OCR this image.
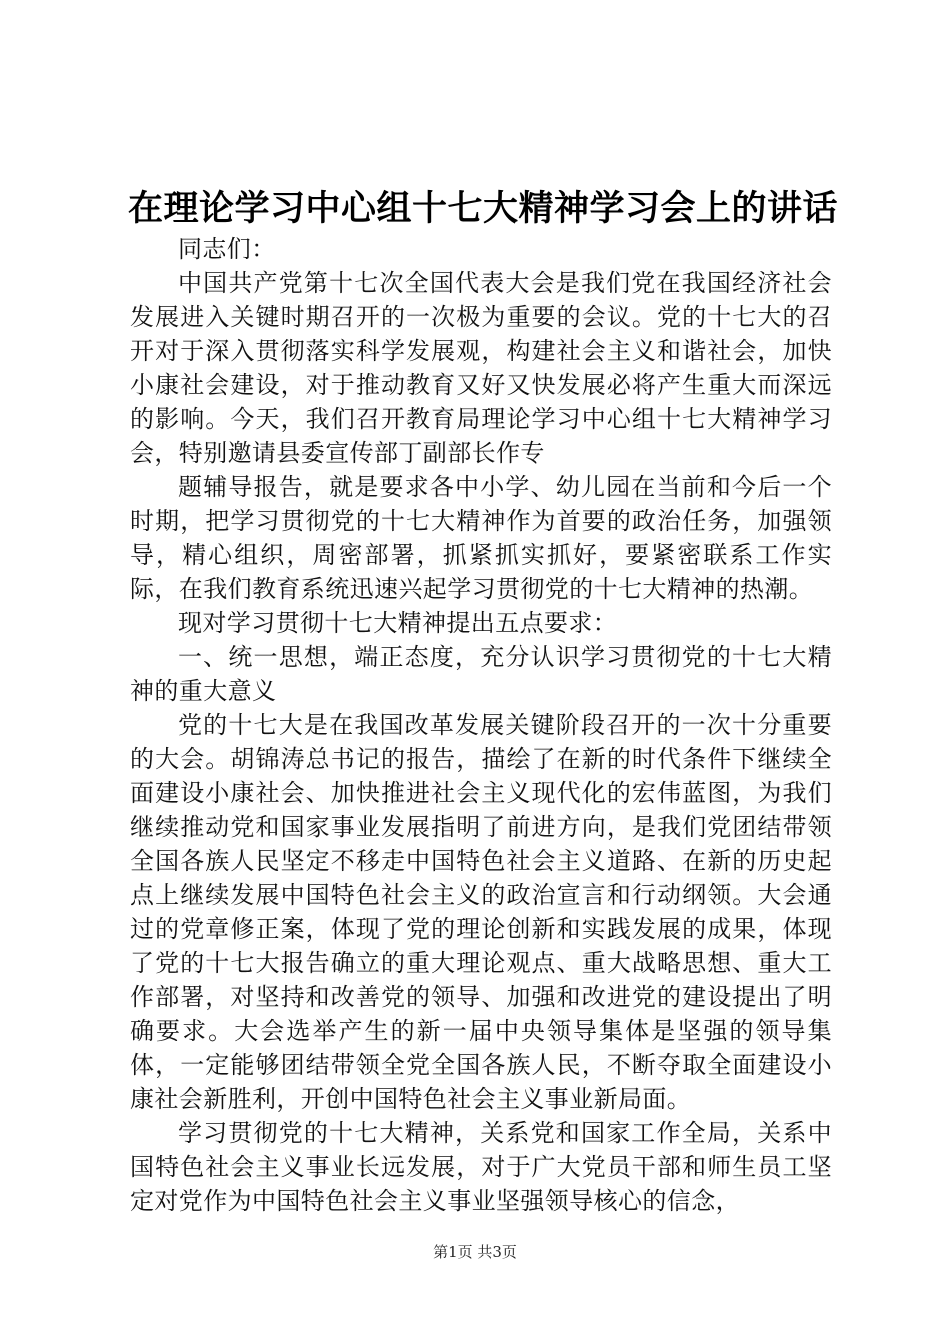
在理论学习中心组十七大精神学习会上的讲话

同志们：

中国共产党第十七次全国代表大会是我们党在我国经济社会发展进入关键时期召开的一次极为重要的会议。党的十七大的召开对于深入贯彻落实科学发展观，构建社会主义和谐社会，加快小康社会建设，对于推动教育又好又快发展必将产生重大而深远的影响。今天，我们召开教育局理论学习中心组十七大精神学习会，特别邀请县委宣传部丁副部长作专

题辅导报告，就是要求各中小学、幼儿园在当前和今后一个时期，把学习贯彻党的十七大精神作为首要的政治任务，加强领导，精心组织，周密部署，抓紧抓实抓好，要紧密联系工作实际，在我们教育系统迅速兴起学习贯彻党的十七大精神的热潮。

现对学习贯彻十七大精神提出五点要求：

一、统一思想，端正态度，充分认识学习贯彻党的十七大精神的重大意义

党的十七大是在我国改革发展关键阶段召开的一次十分重要的大会。胡锦涛总书记的报告，描绘了在新的时代条件下继续全面建设小康社会、加快推进社会主义现代化的宏伟蓝图，为我们继续推动党和国家事业发展指明了前进方向，是我们党团结带领全国各族人民坚定不移走中国特色社会主义道路、在新的历史起点上继续发展中国特色社会主义的政治宣言和行动纲领。大会通过的党章修正案，体现了党的理论创新和实践发展的成果，体现了党的十七大报告确立的重大理论观点、重大战略思想、重大工作部署，对坚持和改善党的领导、加强和改进党的建设提出了明确要求。大会选举产生的新一届中央领导集体是坚强的领导集体，一定能够团结带领全党全国各族人民，不断夺取全面建设小康社会新胜利，开创中国特色社会主义事业新局面。

学习贯彻党的十七大精神，关系党和国家工作全局，关系中国特色社会主义事业长远发展，对于广大党员干部和师生员工坚定对党作为中国特色社会主义事业坚强领导核心的信念，

第1页 共3页
